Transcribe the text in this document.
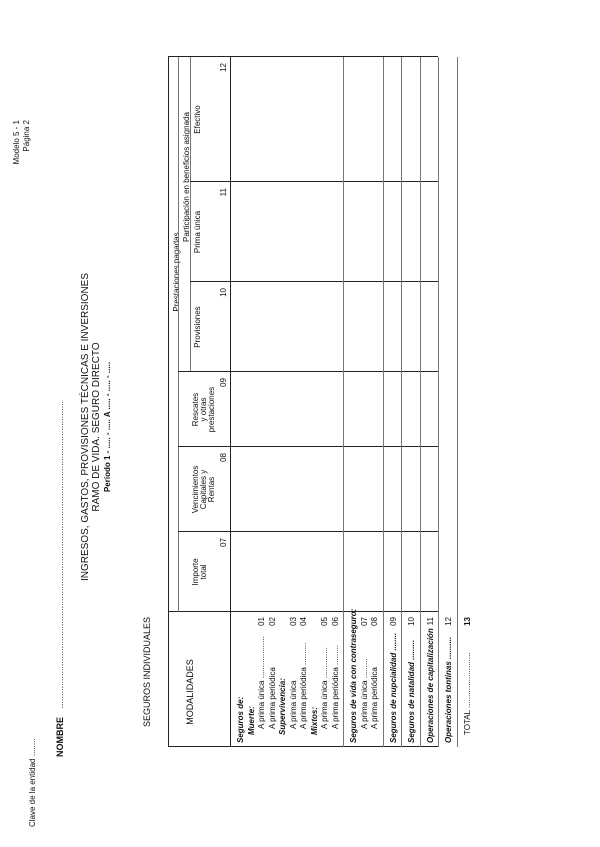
Clave de la entidad ........ NOMBRE ...........................................................................................................................
Modelo 5 - 1 Página 2
INGRESOS, GASTOS, PROVISIONES TÉCNICAS E INVERSIONES RAMO DE VIDA. SEGURO DIRECTO Período 1 - ..... - ..... A ..... - ..... - .....
SEGUROS INDIVIDUALES
Prestaciones pagadas
Participación en beneficios asignada
MODALIDADES
Importe total
07
Vencimientos Capitales y Rentas
08
Rescates y otras prestaciones
09
Provisiones
10
Prima única
11
Efectivo
12
Seguros de: Muerte: A prima única ...................
01
A prima periódica
02
Supervivencia: A prima única
03
A prima periódica ..........
04
Mixtos: A prima única ..............
05
A prima periódica .........
06 Seguros de vida con contraseguro: A prima única .........
07
A prima periódica
08
Seguros de nupcialidad ........
09
Seguros de natalidad .........
10
Operaciones de capitalización
11
Operaciones tontinas ..........
12
TOTAL .........................
13
